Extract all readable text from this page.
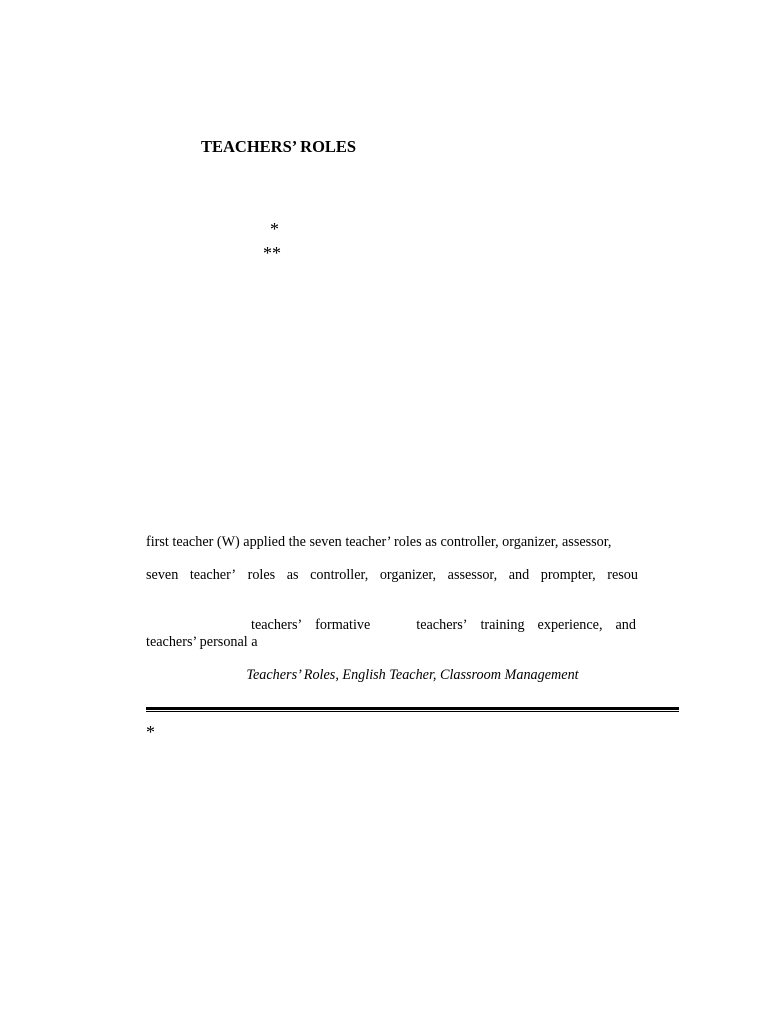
TEACHERS’ ROLES
*
**
first teacher (W) applied the seven teacher’ roles as controller, organizer, assessor,
seven teacher’ roles as controller, organizer, assessor, and prompter, resou
teachers’ formative	teachers’ training experience, and
teachers’ personal a
Teachers’ Roles, English Teacher, Classroom Management
*
